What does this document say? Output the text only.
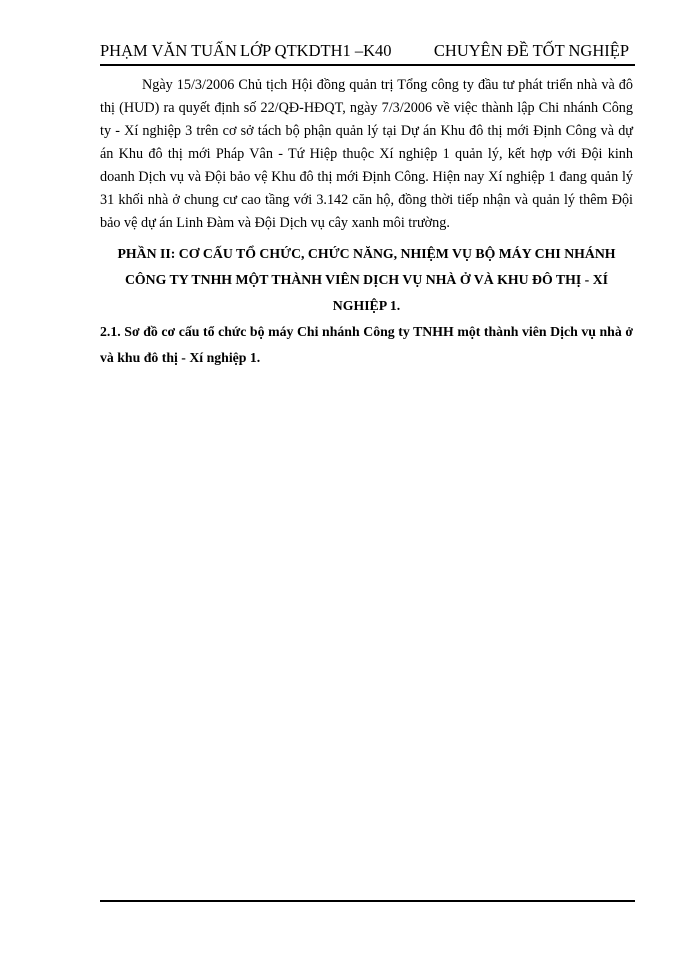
PHẠM VĂN TUẤN LỚP QTKDTH1 –K40	CHUYÊN ĐỀ TỐT NGHIỆP

Ngày 15/3/2006 Chủ tịch Hội đồng quản trị Tổng công ty đầu tư phát triển nhà và đô thị (HUD) ra quyết định số 22/QĐ-HĐQT, ngày 7/3/2006 về việc thành lập Chi nhánh Công ty - Xí nghiệp 3 trên cơ sở tách bộ phận quản lý tại Dự án Khu đô thị mới Định Công và dự án Khu đô thị mới Pháp Vân - Tứ Hiệp thuộc Xí nghiệp 1 quản lý, kết hợp với Đội kinh doanh Dịch vụ và Đội bảo vệ Khu đô thị mới Định Công. Hiện nay Xí nghiệp 1 đang quản lý 31 khối nhà ở chung cư cao tầng với 3.142 căn hộ, đồng thời tiếp nhận và quản lý thêm Đội bảo vệ dự án Linh Đàm và Đội Dịch vụ cây xanh môi trường.

PHẦN II: CƠ CẤU TỔ CHỨC, CHỨC NĂNG, NHIỆM VỤ BỘ MÁY CHI NHÁNH CÔNG TY TNHH MỘT THÀNH VIÊN DỊCH VỤ NHÀ Ở VÀ KHU ĐÔ THỊ - XÍ NGHIỆP 1.

2.1. Sơ đồ cơ cấu tổ chức bộ máy Chi nhánh Công ty TNHH một thành viên Dịch vụ nhà ở và khu đô thị - Xí nghiệp 1.
